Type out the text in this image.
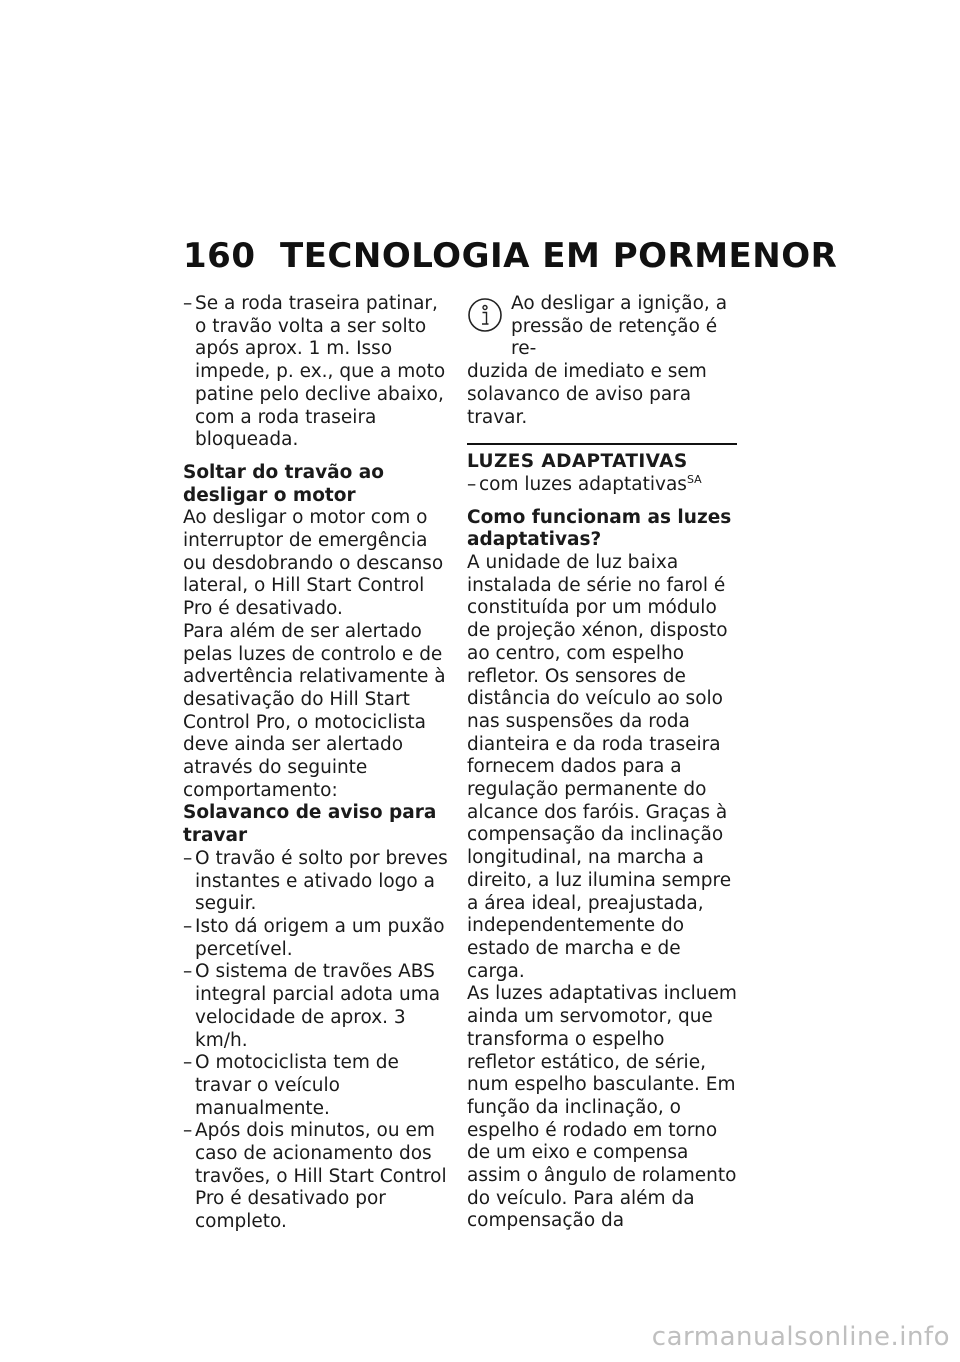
160 TECNOLOGIA EM PORMENOR
– Se a roda traseira patinar, o travão volta a ser solto após aprox. 1 m. Isso impede, p. ex., que a moto patine pelo declive abaixo, com a roda traseira bloqueada.

Soltar do travão ao desligar o motor

Ao desligar o motor com o interruptor de emergência ou desdobrando o descanso lateral, o Hill Start Control Pro é desativado.

Para além de ser alertado pelas luzes de controlo e de advertência relativamente à desativação do Hill Start Control Pro, o motociclista deve ainda ser alertado através do seguinte comportamento:

Solavanco de aviso para travar

– O travão é solto por breves instantes e ativado logo a seguir.

– Isto dá origem a um puxão percetível.

– O sistema de travões ABS integral parcial adota uma velocidade de aprox. 3 km/h.

– O motociclista tem de travar o veículo manualmente.

– Após dois minutos, ou em caso de acionamento dos travões, o Hill Start Control Pro é desativado por completo.

Ao desligar a ignição, a

pressão de retenção é re-

duzida de imediato e sem solavanco de aviso para travar.

LUZES ADAPTATIVAS

– com luzes adaptativas$^{SA}$

Como funcionam as luzes adaptativas?

A unidade de luz baixa instalada de série no farol é constituída por um módulo de projeção xénon, disposto ao centro, com espelho refletor. Os sensores de distância do veículo ao solo nas suspensões da roda dianteira e da roda traseira fornecem dados para a regulação permanente do alcance dos faróis. Graças à compensação da inclinação longitudinal, na marcha a direito, a luz ilumina sempre a área ideal, preajustada, independentemente do estado de marcha e de carga.

As luzes adaptativas incluem ainda um servomotor, que transforma o espelho refletor estático, de série, num espelho basculante. Em função da inclinação, o espelho é rodado em torno de um eixo e compensa assim o ângulo de rolamento do veículo. Para além da compensação da

carmanualsonline.info
